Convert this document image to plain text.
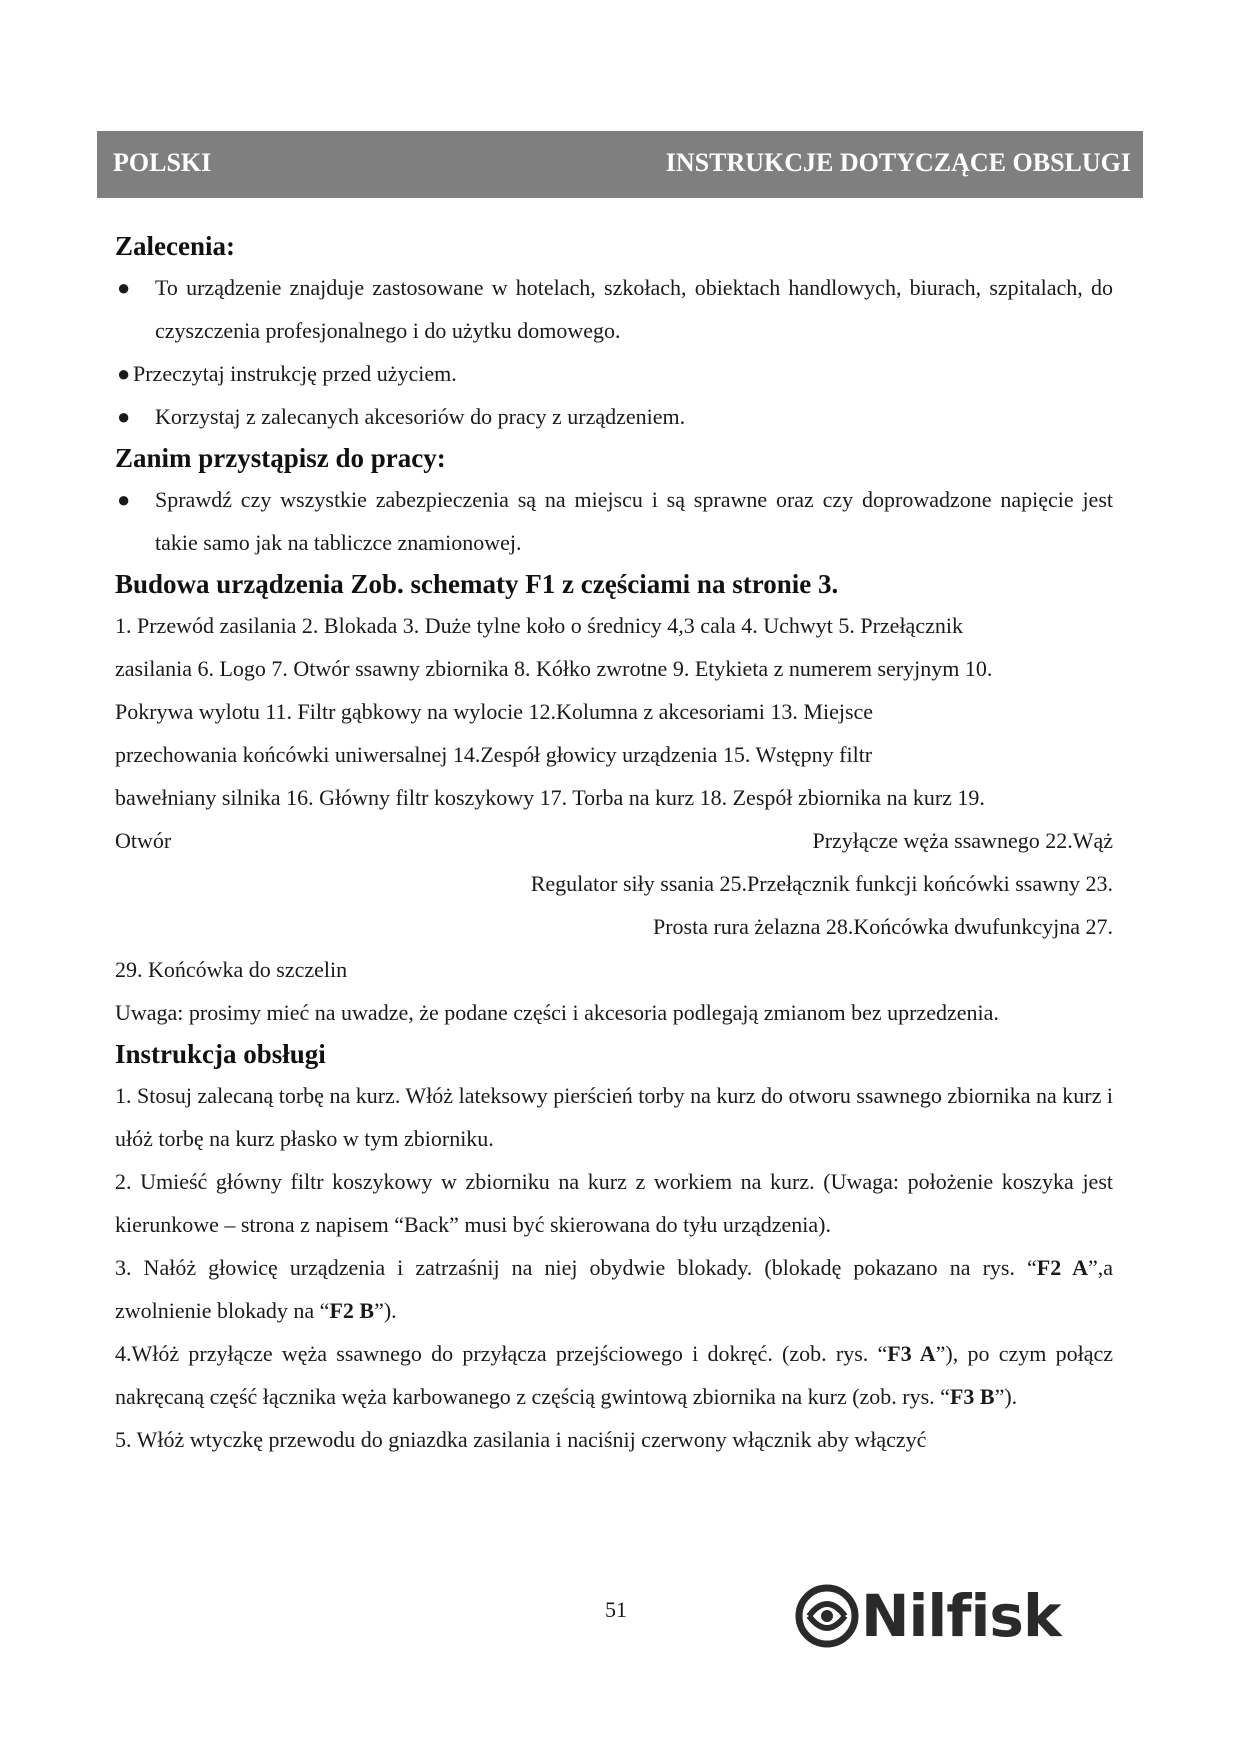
POLSKI	INSTRUKCJE DOTYCZĄCE OBSLUGI
Zalecenia:
● To urządzenie znajduje zastosowane w hotelach, szkołach, obiektach handlowych, biurach, szpitalach, do czyszczenia profesjonalnego i do użytku domowego.
● Przeczytaj instrukcję przed użyciem.
● Korzystaj z zalecanych akcesoriów do pracy z urządzeniem.
Zanim przystąpisz do pracy:
● Sprawdź czy wszystkie zabezpieczenia są na miejscu i są sprawne oraz czy doprowadzone napięcie jest takie samo jak na tabliczce znamionowej.
Budowa urządzenia Zob. schematy F1 z częściami na stronie 3.

1. Przewód zasilania 2. Blokada 3. Duże tylne koło o średnicy 4,3 cala 4. Uchwyt 5. Przełącznik

zasilania 6. Logo 7. Otwór ssawny zbiornika 8. Kółko zwrotne 9. Etykieta z numerem seryjnym 10.

Pokrywa wylotu 11. Filtr gąbkowy na wylocie 12.Kolumna z akcesoriami 13. Miejsce

przechowania końcówki uniwersalnej 14.Zespół głowicy urządzenia 15. Wstępny filtr

bawełniany silnika 16. Główny filtr koszykowy 17. Torba na kurz 18. Zespół zbiornika na kurz 19.

Otwór	Przyłącze węża ssawnego 22.Wąż
Regulator siły ssania 25.Przełącznik funkcji końcówki ssawny 23.
Prosta rura żelazna 28.Końcówka dwufunkcyjna 27.

29. Końcówka do szczelin

Uwaga: prosimy mieć na uwadze, że podane części i akcesoria podlegają zmianom bez uprzedzenia.

Instrukcja obsługi

1. Stosuj zalecaną torbę na kurz. Włóż lateksowy pierścień torby na kurz do otworu ssawnego zbiornika na kurz i ułóż torbę na kurz płasko w tym zbiorniku.

2. Umieść główny filtr koszykowy w zbiorniku na kurz z workiem na kurz. (Uwaga: położenie koszyka jest kierunkowe – strona z napisem “Back” musi być skierowana do tyłu urządzenia).

3. Nałóż głowicę urządzenia i zatrzaśnij na niej obydwie blokady. (blokadę pokazano na rys. “F2 A”,a zwolnienie blokady na “F2 B”).

4.Włóż przyłącze węża ssawnego do przyłącza przejściowego i dokręć. (zob. rys. “F3 A”), po czym połącz nakręcaną część łącznika węża karbowanego z częścią gwintową zbiornika na kurz (zob. rys. “F3 B”).

5. Włóż wtyczkę przewodu do gniazdka zasilania i naciśnij czerwony włącznik aby włączyć

51	Nilfisk
